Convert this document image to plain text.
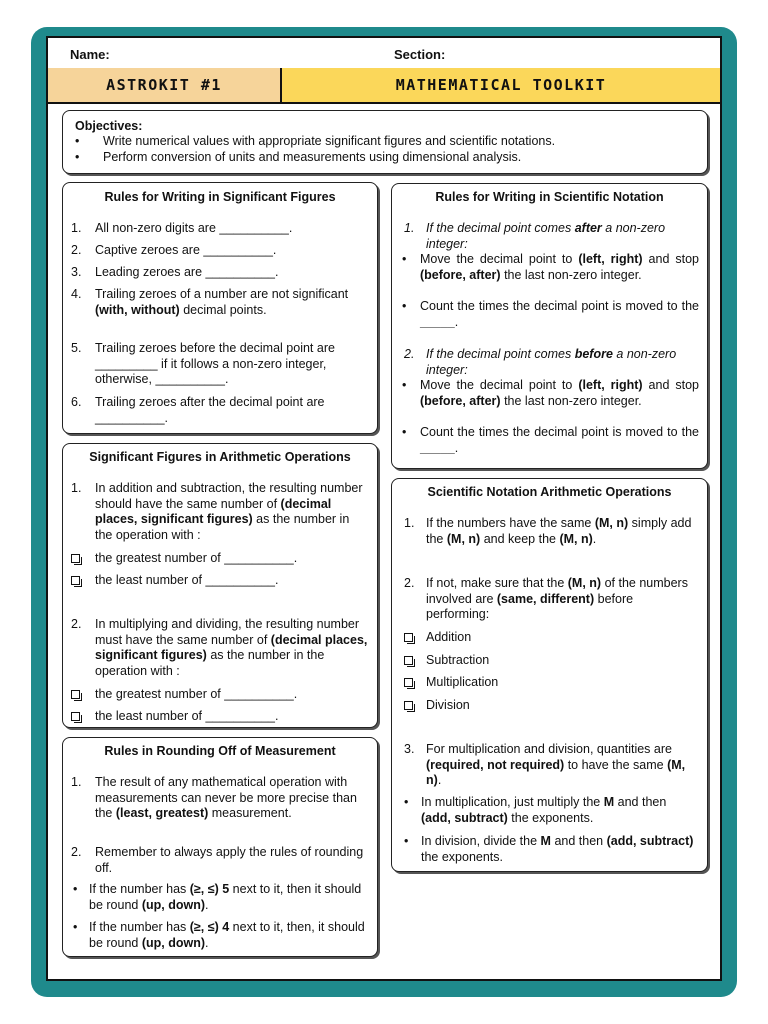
Name:	Section:
ASTROKIT #1	MATHEMATICAL TOOLKIT
Objectives:
• Write numerical values with appropriate significant figures and scientific notations.
• Perform conversion of units and measurements using dimensional analysis.
Rules for Writing in Significant Figures
1. All non-zero digits are __________.
2. Captive zeroes are __________.
3. Leading zeroes are __________.
4. Trailing zeroes of a number are not significant (with, without) decimal points.
5. Trailing zeroes before the decimal point are _________ if it follows a non-zero integer, otherwise, __________.
6. Trailing zeroes after the decimal point are __________.
Significant Figures in Arithmetic Operations
1. In addition and subtraction, the resulting number should have the same number of (decimal places, significant figures) as the number in the operation with :
the greatest number of __________.
the least number of __________.
2. In multiplying and dividing, the resulting number must have the same number of (decimal places, significant figures) as the number in the operation with :
the greatest number of __________.
the least number of __________.
Rules in Rounding Off of Measurement
1. The result of any mathematical operation with measurements can never be more precise than the (least, greatest) measurement.
2. Remember to always apply the rules of rounding off.
• If the number has (≥, ≤) 5 next to it, then it should be round (up, down).
• If the number has (≥, ≤) 4 next to it, then, it should be round (up, down).
Rules for Writing in Scientific Notation
1. If the decimal point comes after a non-zero integer:
• Move the decimal point to (left, right) and stop (before, after) the last non-zero integer.
• Count the times the decimal point is moved to the _____.
2. If the decimal point comes before a non-zero integer:
• Move the decimal point to (left, right) and stop (before, after) the last non-zero integer.
• Count the times the decimal point is moved to the _____.
Scientific Notation Arithmetic Operations
1. If the numbers have the same (M, n) simply add the (M, n) and keep the (M, n).
2. If not, make sure that the (M, n) of the numbers involved are (same, different) before performing:
Addition
Subtraction
Multiplication
Division
3. For multiplication and division, quantities are (required, not required) to have the same (M, n).
• In multiplication, just multiply the M and then (add, subtract) the exponents.
• In division, divide the M and then (add, subtract) the exponents.
